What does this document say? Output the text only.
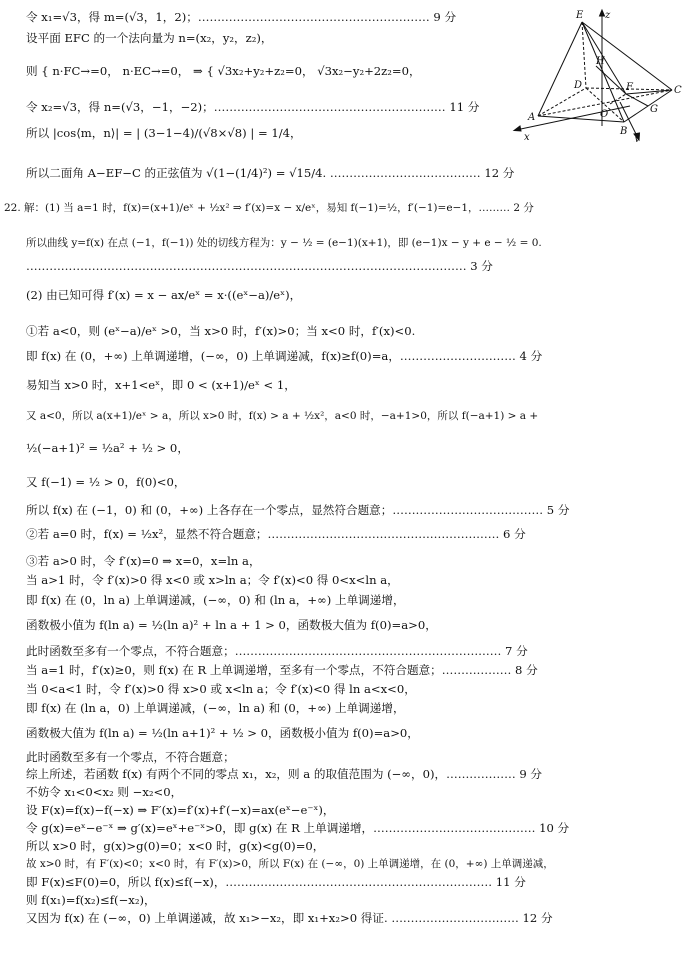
E z
H
D	F	C
A	O	G
B
x	y
令 x₁=√3，得 m=(√3，1，2)；…………………………………………………… 9 分
设平面 EFC 的一个法向量为 n=(x₂，y₂，z₂)，
则 { n·FC→=0， n·EC→=0， ⇒ { √3x₂+y₂+z₂=0， √3x₂−y₂+2z₂=0，
令 x₂=√3，得 n=(√3，−1，−2)；…………………………………………………… 11 分
所以 |cos⟨m，n⟩| = | (3−1−4)/(√8×√8) | = 1/4，
所以二面角 A−EF−C 的正弦值为 √(1−(1/4)²) = √15/4. ………………………………… 12 分
22. 解：(1) 当 a=1 时，f(x)=(x+1)/eˣ + ½x² ⇒ f′(x)=x − x/eˣ，易知 f(−1)=½，f′(−1)=e−1，……… 2 分
所以曲线 y=f(x) 在点 (−1，f(−1)) 处的切线方程为：y − ½ = (e−1)(x+1)，即 (e−1)x − y + e − ½ = 0.
…………………………………………………………………………………………………… 3 分
(2) 由已知可得 f′(x) = x − ax/eˣ = x·((eˣ−a)/eˣ)，
①若 a<0，则 (eˣ−a)/eˣ >0，当 x>0 时，f′(x)>0；当 x<0 时，f′(x)<0.
即 f(x) 在 (0，+∞) 上单调递增，(−∞，0) 上单调递减，f(x)≥f(0)=a，………………………… 4 分
易知当 x>0 时，x+1<eˣ，即 0 < (x+1)/eˣ < 1，
又 a<0，所以 a(x+1)/eˣ > a，所以 x>0 时，f(x) > a + ½x²，a<0 时，−a+1>0，所以 f(−a+1) > a +
½(−a+1)² = ½a² + ½ > 0，
又 f(−1) = ½ > 0，f(0)<0，
所以 f(x) 在 (−1，0) 和 (0，+∞) 上各存在一个零点，显然符合题意；………………………………… 5 分
②若 a=0 时，f(x) = ½x²，显然不符合题意；…………………………………………………… 6 分
③若 a>0 时，令 f′(x)=0 ⇒ x=0，x=ln a，
当 a>1 时，令 f′(x)>0 得 x<0 或 x>ln a；令 f′(x)<0 得 0<x<ln a，
即 f(x) 在 (0，ln a) 上单调递减，(−∞，0) 和 (ln a，+∞) 上单调递增，
函数极小值为 f(ln a) = ½(ln a)² + ln a + 1 > 0，函数极大值为 f(0)=a>0，
此时函数至多有一个零点，不符合题意；…………………………………………………………… 7 分
当 a=1 时，f′(x)≥0，则 f(x) 在 R 上单调递增，至多有一个零点，不符合题意；……………… 8 分
当 0<a<1 时，令 f′(x)>0 得 x>0 或 x<ln a；令 f′(x)<0 得 ln a<x<0，
即 f(x) 在 (ln a，0) 上单调递减，(−∞，ln a) 和 (0，+∞) 上单调递增，
函数极大值为 f(ln a) = ½(ln a+1)² + ½ > 0，函数极小值为 f(0)=a>0，
此时函数至多有一个零点，不符合题意；
综上所述，若函数 f(x) 有两个不同的零点 x₁，x₂，则 a 的取值范围为 (−∞，0)，……………… 9 分
不妨令 x₁<0<x₂ 则 −x₂<0，
设 F(x)=f(x)−f(−x) ⇒ F′(x)=f′(x)+f′(−x)=ax(eˣ−e⁻ˣ)，
令 g(x)=eˣ−e⁻ˣ ⇒ g′(x)=eˣ+e⁻ˣ>0，即 g(x) 在 R 上单调递增，…………………………………… 10 分
所以 x>0 时，g(x)>g(0)=0；x<0 时，g(x)<g(0)=0，
故 x>0 时，有 F′(x)<0；x<0 时，有 F′(x)>0，所以 F(x) 在 (−∞，0) 上单调递增，在 (0，+∞) 上单调递减，
即 F(x)≤F(0)=0，所以 f(x)≤f(−x)，…………………………………………………………… 11 分
则 f(x₁)=f(x₂)≤f(−x₂)，
又因为 f(x) 在 (−∞，0) 上单调递减，故 x₁>−x₂，即 x₁+x₂>0 得证. …………………………… 12 分
